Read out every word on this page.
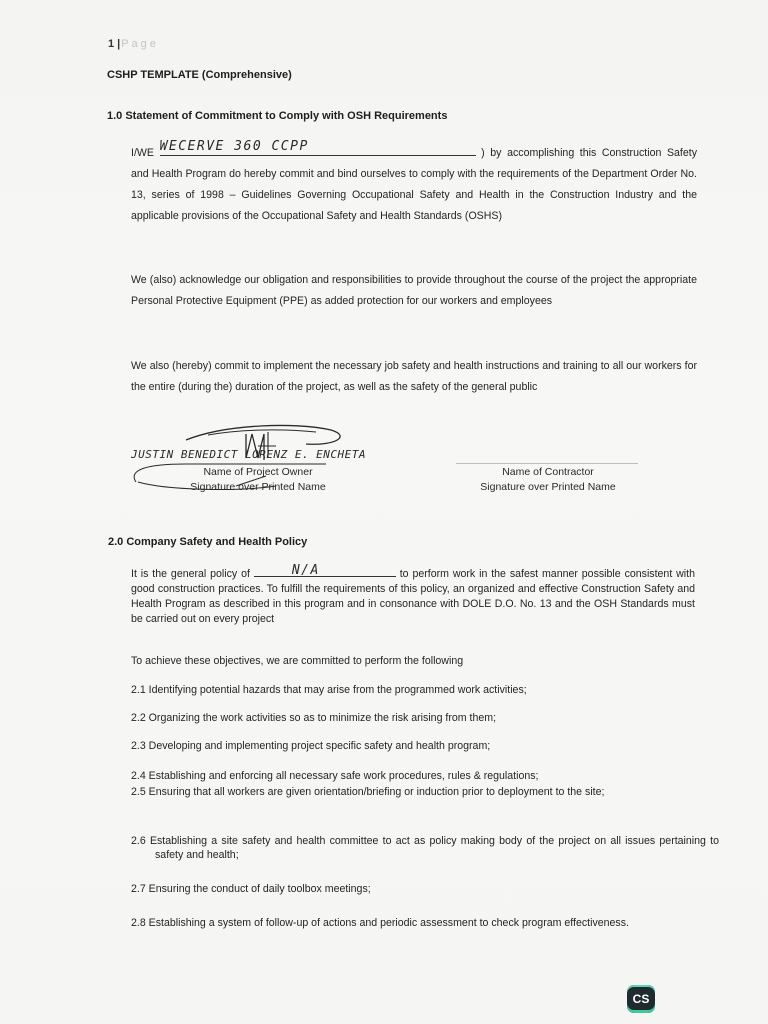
1 |P a g e
CSHP TEMPLATE (Comprehensive)
1.0 Statement of Commitment to Comply with OSH Requirements
I/WE WECERVE 360 CCPP	) by accomplishing this Construction Safety and Health Program do hereby commit and bind ourselves to comply with the requirements of the Department Order No. 13, series of 1998 – Guidelines Governing Occupational Safety and Health in the Construction Industry and the applicable provisions of the Occupational Safety and Health Standards (OSHS)
We (also) acknowledge our obligation and responsibilities to provide throughout the course of the project the appropriate Personal Protective Equipment (PPE) as added protection for our workers and employees
We also (hereby) commit to implement the necessary job safety and health instructions and training to all our workers for the entire (during the) duration of the project, as well as the safety of the general public
JUSTIN BENEDICT LORENZ E. ENCHETA
Name of Project Owner
Signature over Printed Name
Name of Contractor
Signature over Printed Name
2.0 Company Safety and Health Policy
It is the general policy of	N/A	to perform work in the safest manner possible consistent with good construction practices. To fulfill the requirements of this policy, an organized and effective Construction Safety and Health Program as described in this program and in consonance with DOLE D.O. No. 13 and the OSH Standards must be carried out on every project
To achieve these objectives, we are committed to perform the following
2.1 Identifying potential hazards that may arise from the programmed work activities;
2.2 Organizing the work activities so as to minimize the risk arising from them;
2.3 Developing and implementing project specific safety and health program;
2.4 Establishing and enforcing all necessary safe work procedures, rules & regulations;
2.5 Ensuring that all workers are given orientation/briefing or induction prior to deployment to the site;
2.6 Establishing a site safety and health committee to act as policy making body of the project on all issues pertaining to safety and health;
2.7 Ensuring the conduct of daily toolbox meetings;
2.8 Establishing a system of follow-up of actions and periodic assessment to check program effectiveness.
CS
